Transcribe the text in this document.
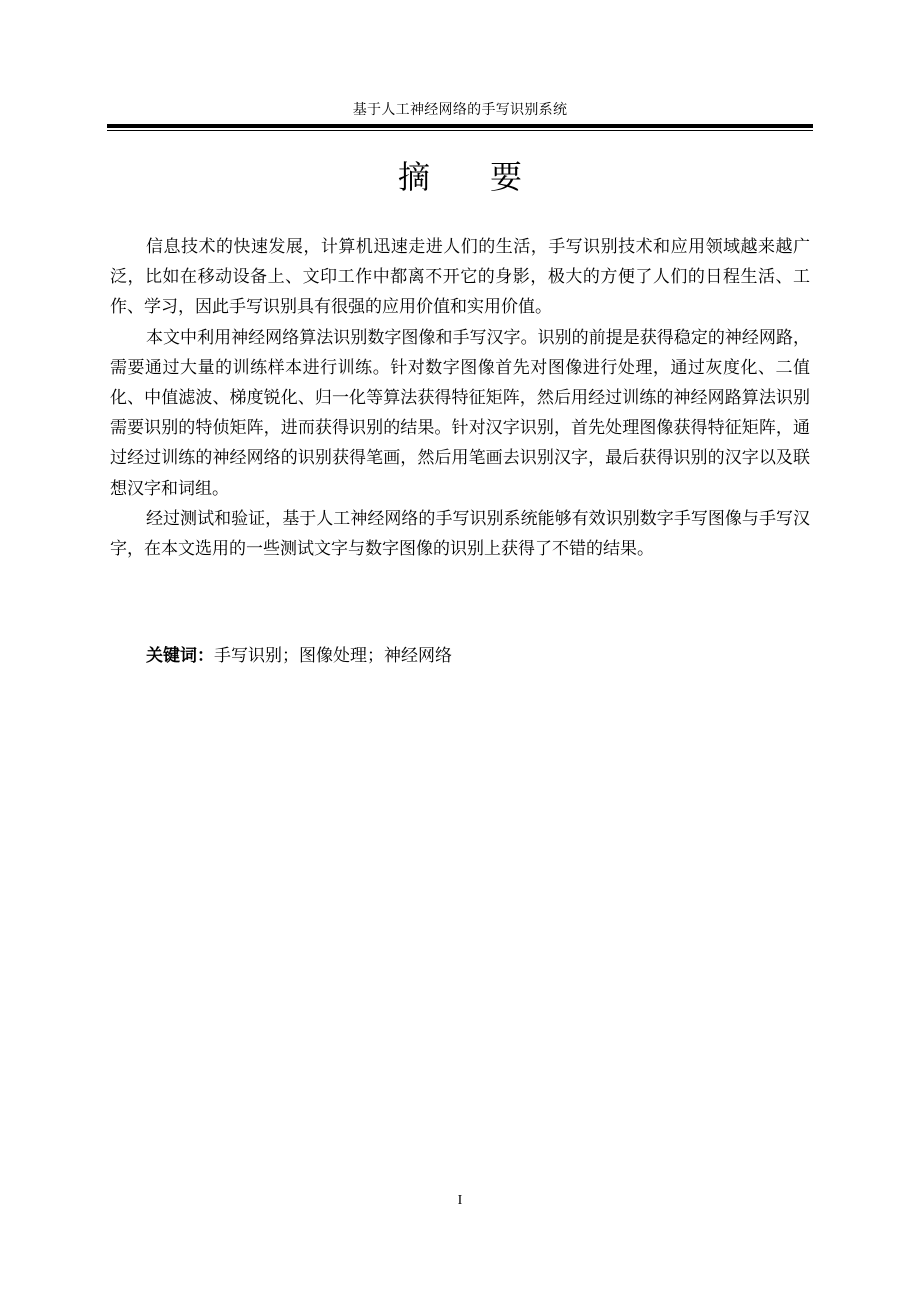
基于人工神经网络的手写识别系统
摘要

信息技术的快速发展，计算机迅速走进人们的生活，手写识别技术和应用领域越来越广泛，比如在移动设备上、文印工作中都离不开它的身影，极大的方便了人们的日程生活、工作、学习，因此手写识别具有很强的应用价值和实用价值。

本文中利用神经网络算法识别数字图像和手写汉字。识别的前提是获得稳定的神经网路，需要通过大量的训练样本进行训练。针对数字图像首先对图像进行处理，通过灰度化、二值化、中值滤波、梯度锐化、归一化等算法获得特征矩阵，然后用经过训练的神经网路算法识别需要识别的特侦矩阵，进而获得识别的结果。针对汉字识别，首先处理图像获得特征矩阵，通过经过训练的神经网络的识别获得笔画，然后用笔画去识别汉字，最后获得识别的汉字以及联想汉字和词组。

经过测试和验证，基于人工神经网络的手写识别系统能够有效识别数字手写图像与手写汉字，在本文选用的一些测试文字与数字图像的识别上获得了不错的结果。

关键词：手写识别；图像处理；神经网络
I
